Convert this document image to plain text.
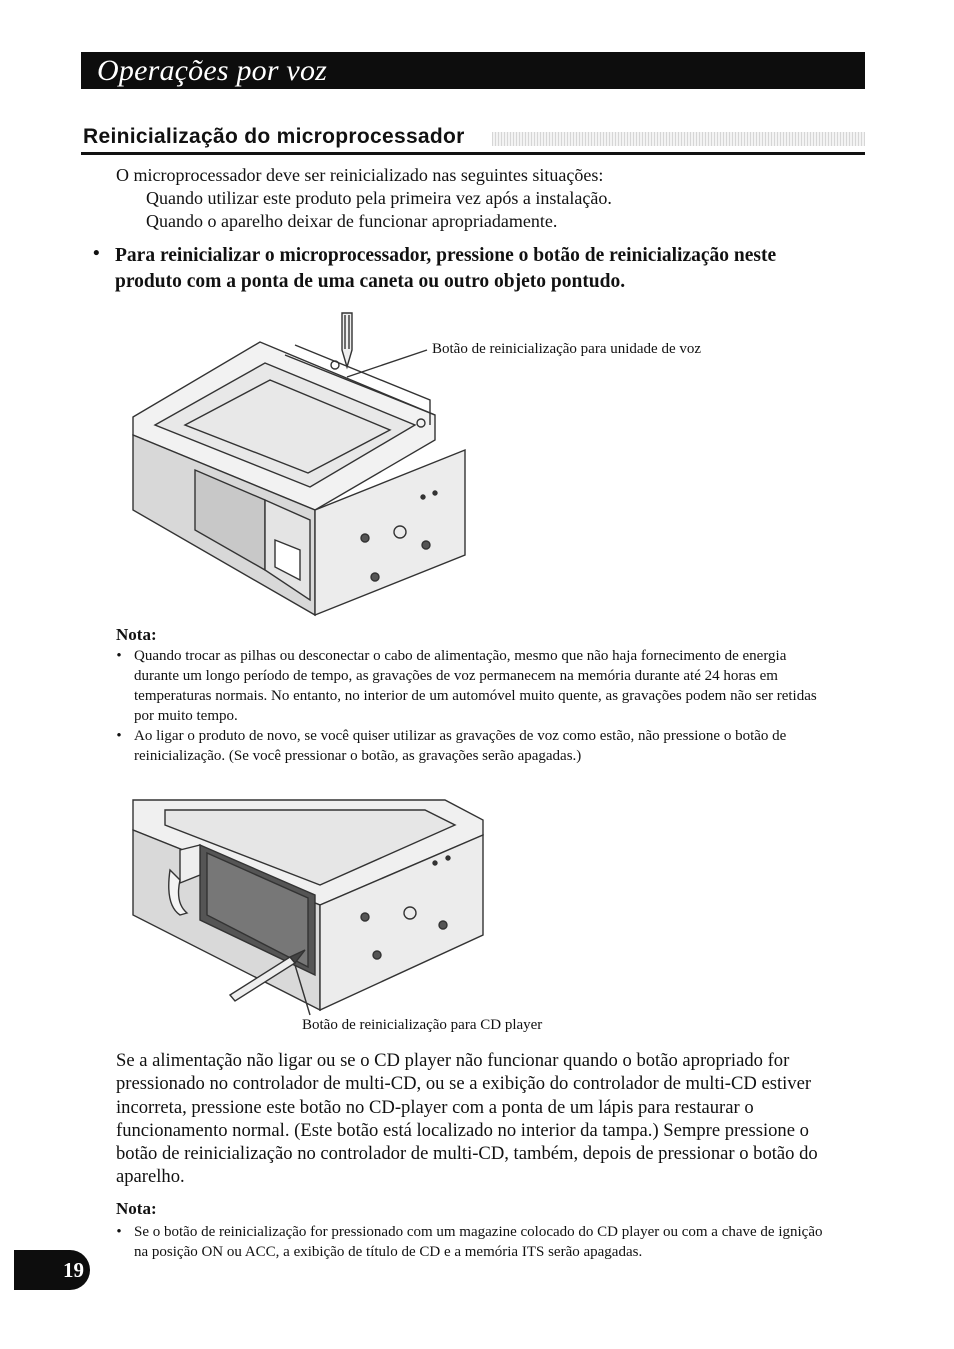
Operações por voz
Reinicialização do microprocessador
O microprocessador deve ser reinicializado nas seguintes situações:
Quando utilizar este produto pela primeira vez após a instalação.
Quando o aparelho deixar de funcionar apropriadamente.
• Para reinicializar o microprocessador, pressione o botão de reinicialização neste produto com a ponta de uma caneta ou outro objeto pontudo.
Botão de reinicialização para unidade de voz
Nota:
• Quando trocar as pilhas ou desconectar o cabo de alimentação, mesmo que não haja fornecimento de energia durante um longo período de tempo, as gravações de voz permanecem na memória durante até 24 horas em temperaturas normais. No entanto, no interior de um automóvel muito quente, as gravações podem não ser retidas por muito tempo.
• Ao ligar o produto de novo, se você quiser utilizar as gravações de voz como estão, não pressione o botão de reinicialização. (Se você pressionar o botão, as gravações serão apagadas.)
Botão de reinicialização para CD player
Se a alimentação não ligar ou se o CD player não funcionar quando o botão apropriado for pressionado no controlador de multi-CD, ou se a exibição do controlador de multi-CD estiver incorreta, pressione este botão no CD-player com a ponta de um lápis para restaurar o funcionamento normal. (Este botão está localizado no interior da tampa.) Sempre pressione o botão de reinicialização no controlador de multi-CD, também, depois de pressionar o botão do aparelho.
Nota:
• Se o botão de reinicialização for pressionado com um magazine colocado do CD player ou com a chave de ignição na posição ON ou ACC, a exibição de título de CD e a memória ITS serão apagadas.
19
